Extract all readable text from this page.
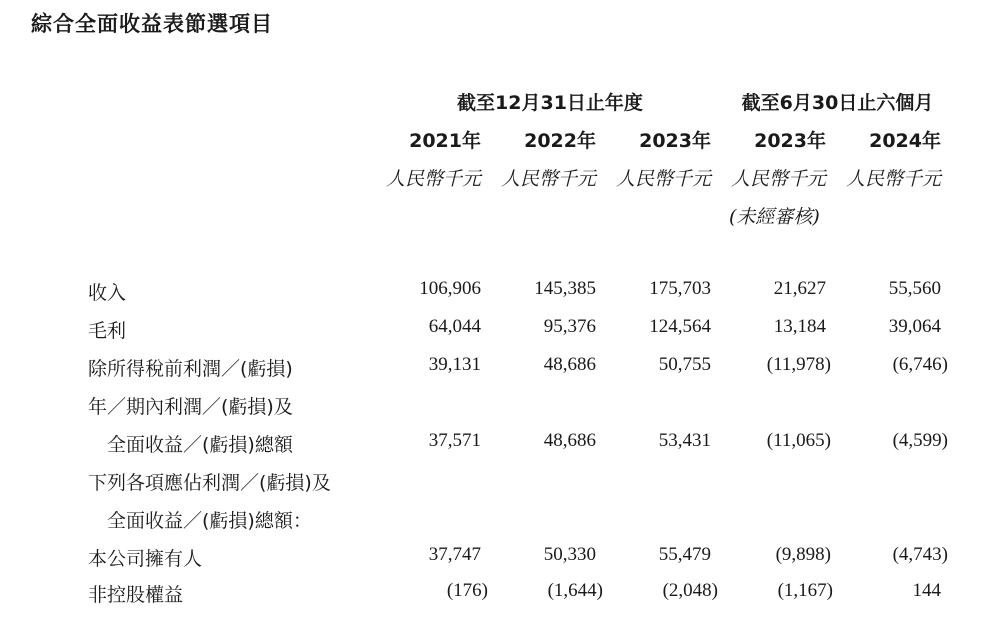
綜合全面收益表節選項目
截至12月31日止年度	截至6月30日止六個月
2021年	2022年	2023年	2023年	2024年
人民幣千元	人民幣千元	人民幣千元	人民幣千元	人民幣千元
(未經審核)
收入	106,906	145,385	175,703	21,627	55,560
毛利	64,044	95,376	124,564	13,184	39,064
除所得稅前利潤／(虧損)	39,131	48,686	50,755	(11,978)	(6,746)
年／期內利潤／(虧損)及
全面收益／(虧損)總額	37,571	48,686	53,431	(11,065)	(4,599)
下列各項應佔利潤／(虧損)及
全面收益／(虧損)總額：
本公司擁有人	37,747	50,330	55,479	(9,898)	(4,743)
非控股權益	(176)	(1,644)	(2,048)	(1,167)	144
